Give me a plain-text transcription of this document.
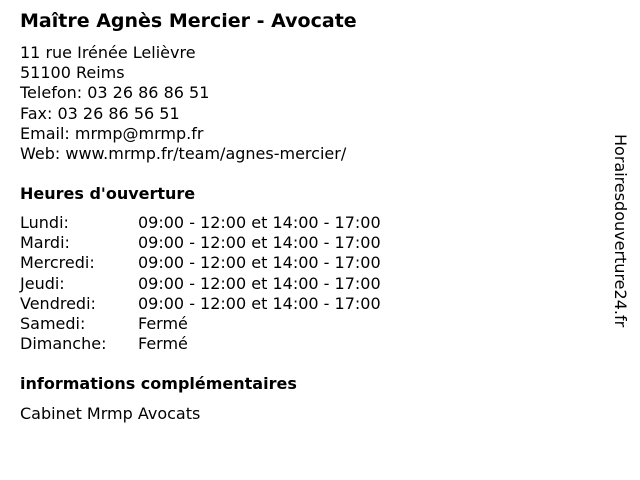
Maître Agnès Mercier - Avocate
11 rue Irénée Lelièvre
51100 Reims
Telefon: 03 26 86 86 51
Fax: 03 26 86 56 51
Email: mrmp@mrmp.fr
Web: www.mrmp.fr/team/agnes-mercier/
Heures d'ouverture
Lundi:	09:00 - 12:00 et 14:00 - 17:00
Mardi:	09:00 - 12:00 et 14:00 - 17:00
Mercredi:	09:00 - 12:00 et 14:00 - 17:00
Jeudi:	09:00 - 12:00 et 14:00 - 17:00
Vendredi:	09:00 - 12:00 et 14:00 - 17:00
Samedi:	Fermé
Dimanche: Fermé
informations complémentaires
Cabinet Mrmp Avocats
Horairesdouverture24.fr
